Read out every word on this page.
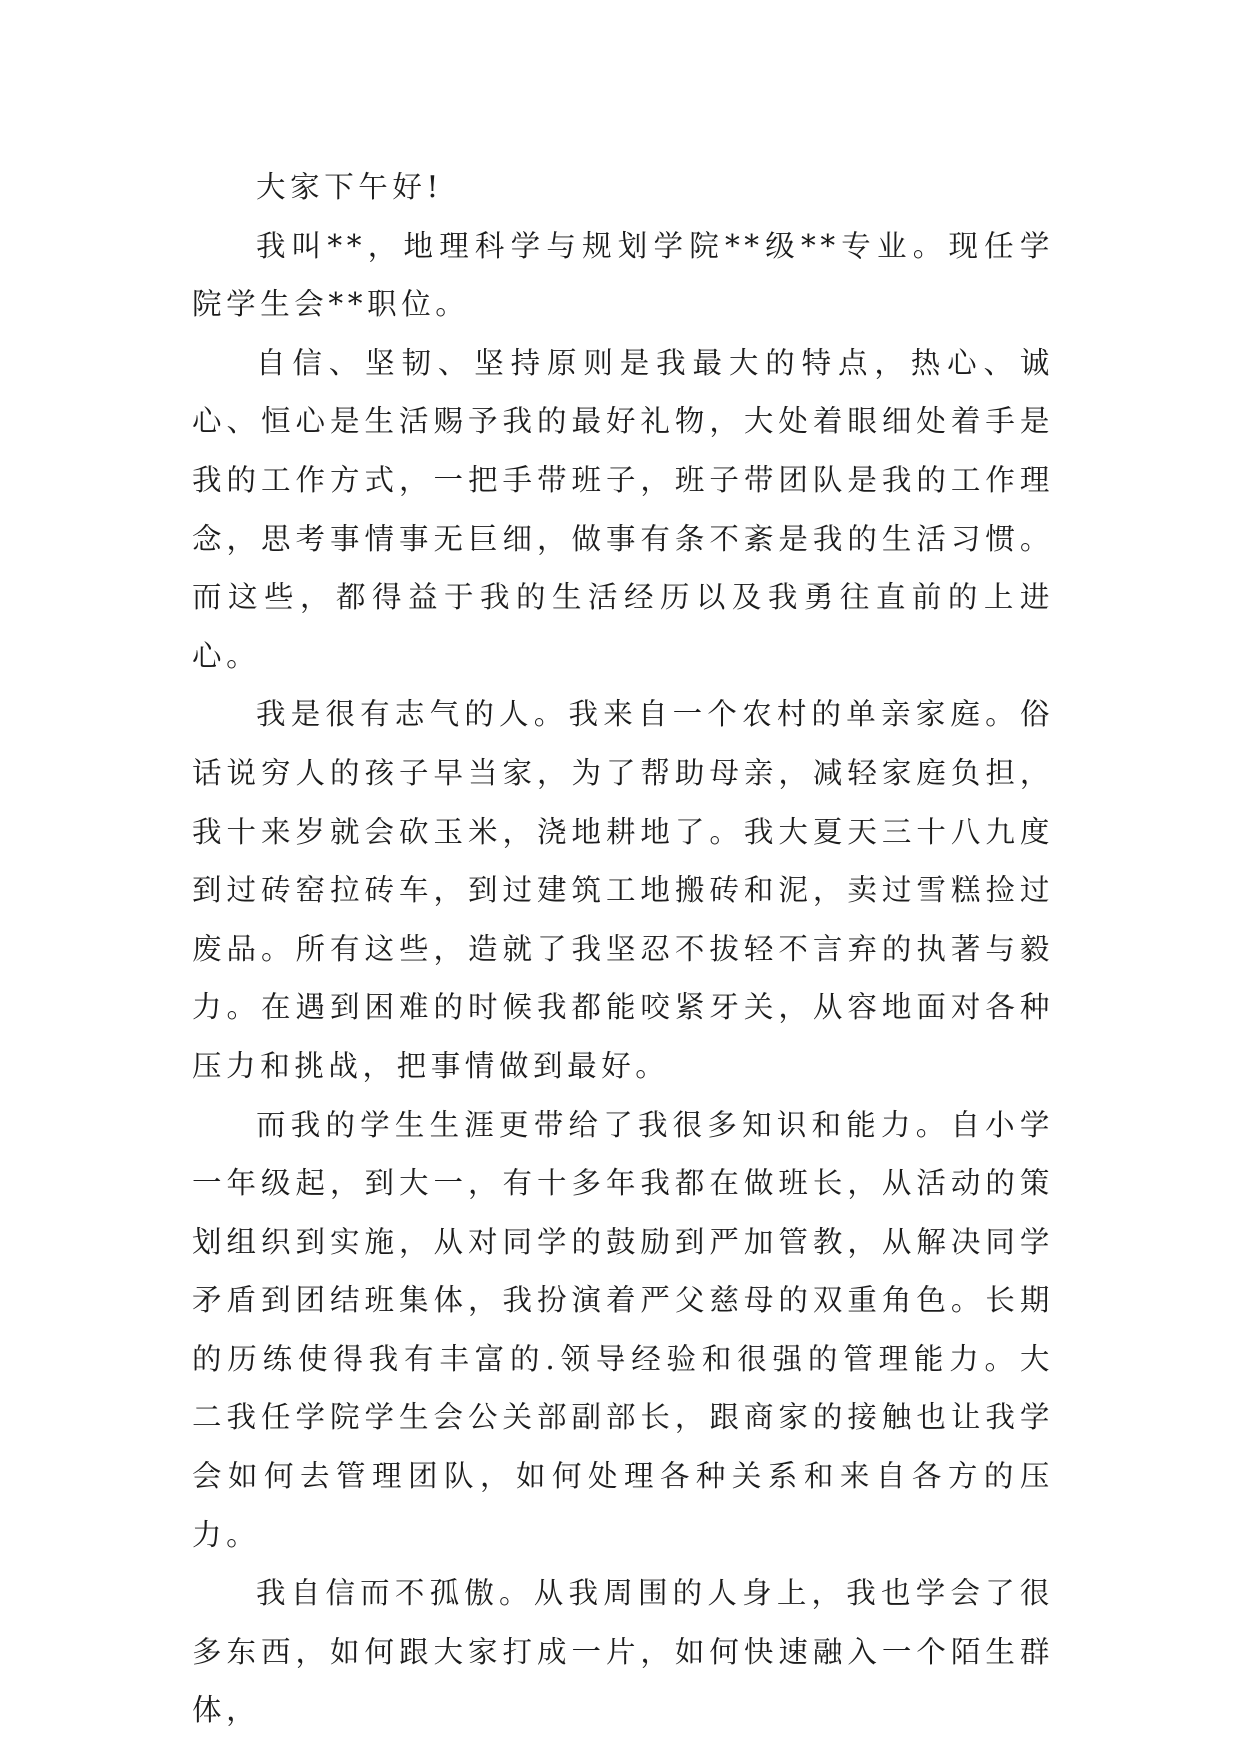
大家下午好!

我叫**，地理科学与规划学院**级**专业。现任学院学生会**职位。

自信、坚韧、坚持原则是我最大的特点，热心、诚心、恒心是生活赐予我的最好礼物，大处着眼细处着手是我的工作方式，一把手带班子，班子带团队是我的工作理念，思考事情事无巨细，做事有条不紊是我的生活习惯。而这些，都得益于我的生活经历以及我勇往直前的上进心。

我是很有志气的人。我来自一个农村的单亲家庭。俗话说穷人的孩子早当家，为了帮助母亲，减轻家庭负担，我十来岁就会砍玉米，浇地耕地了。我大夏天三十八九度到过砖窑拉砖车，到过建筑工地搬砖和泥，卖过雪糕捡过废品。所有这些，造就了我坚忍不拔轻不言弃的执著与毅力。在遇到困难的时候我都能咬紧牙关，从容地面对各种压力和挑战，把事情做到最好。

而我的学生生涯更带给了我很多知识和能力。自小学一年级起，到大一，有十多年我都在做班长，从活动的策划组织到实施，从对同学的鼓励到严加管教，从解决同学矛盾到团结班集体，我扮演着严父慈母的双重角色。长期的历练使得我有丰富的.领导经验和很强的管理能力。大二我任学院学生会公关部副部长，跟商家的接触也让我学会如何去管理团队，如何处理各种关系和来自各方的压力。

我自信而不孤傲。从我周围的人身上，我也学会了很多东西，如何跟大家打成一片，如何快速融入一个陌生群体，
